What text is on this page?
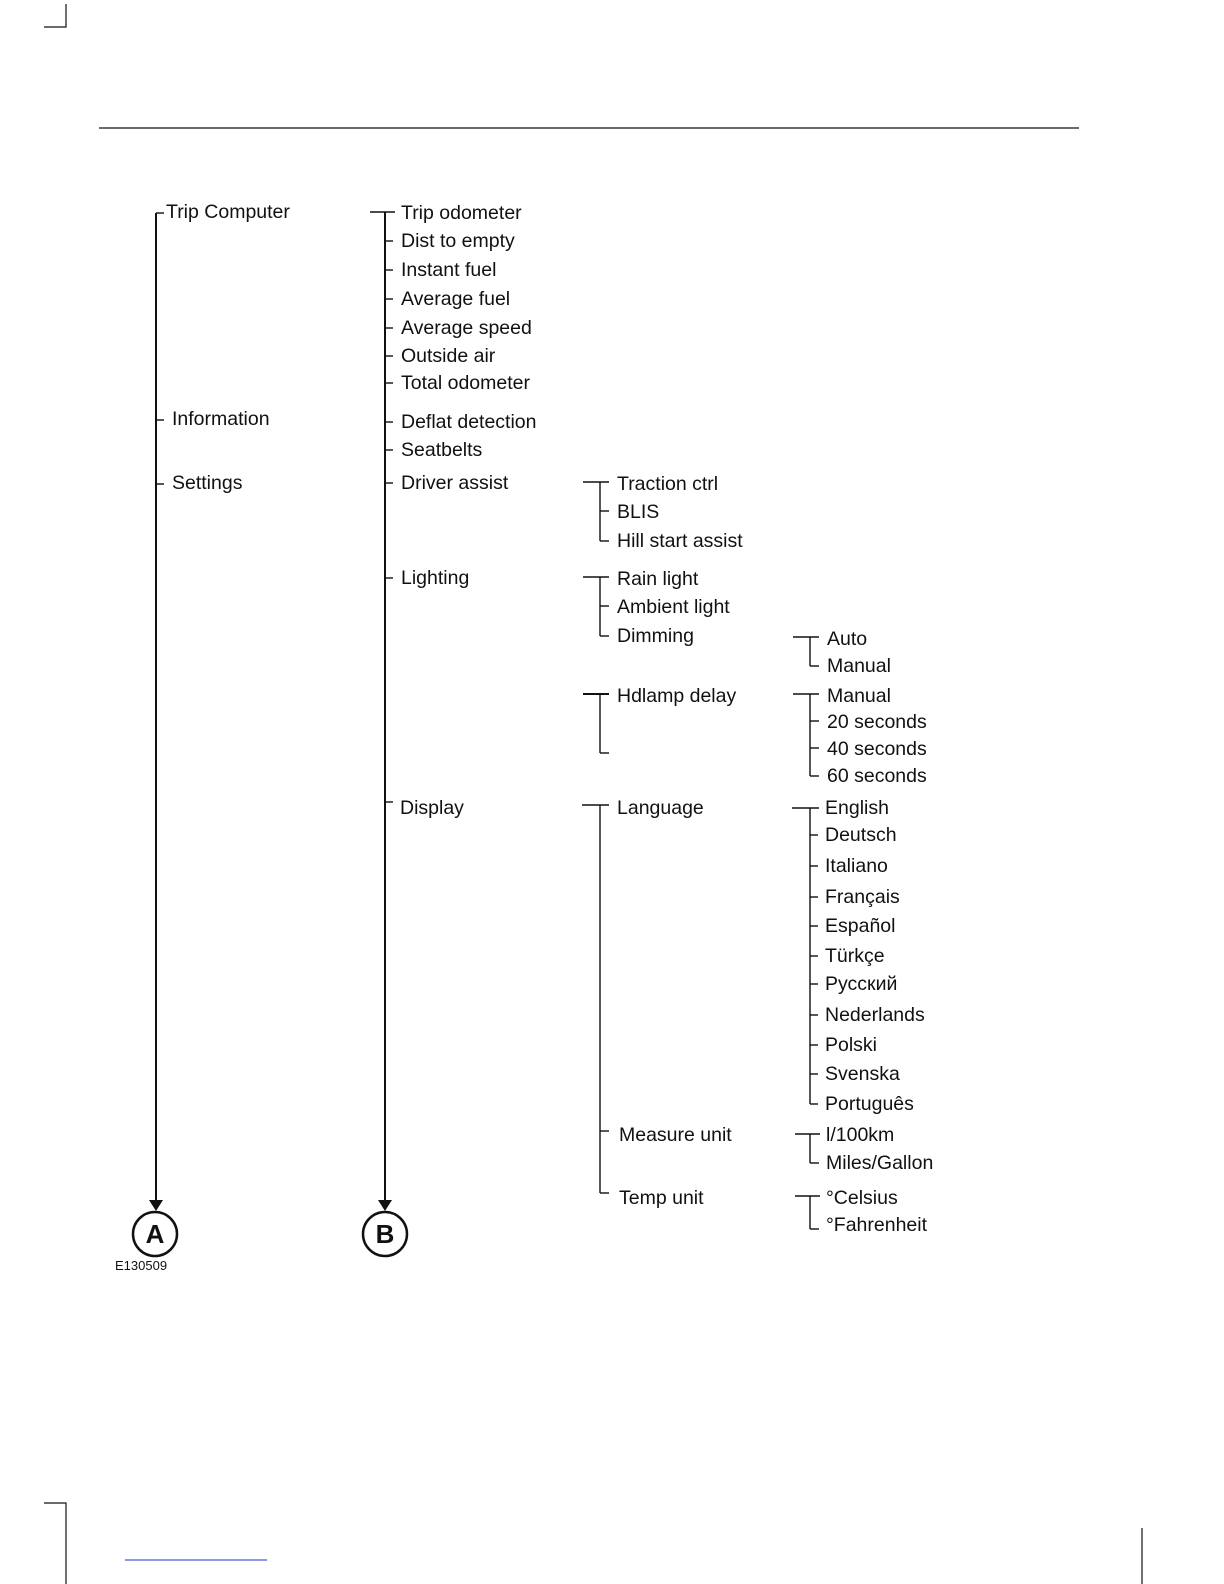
A
E130509
Trip Computer
Information
Settings
B
Trip odometer
Dist to empty
Instant fuel
Average fuel
Average speed
Outside air
Total odometer
Deflat detection
Seatbelts
Driver assist
Lighting
Display
Traction ctrl
BLIS
Hill start assist
Rain light
Ambient light
Dimming
Hdlamp delay
Auto
Manual
Manual
20 seconds
40 seconds
60 seconds
Language
Measure unit
Temp unit
English
Deutsch
Italiano
Français
Español
Türkçe
Русский
Nederlands
Polski
Svenska
Português
l/100km
Miles/Gallon
°Celsius
°Fahrenheit
